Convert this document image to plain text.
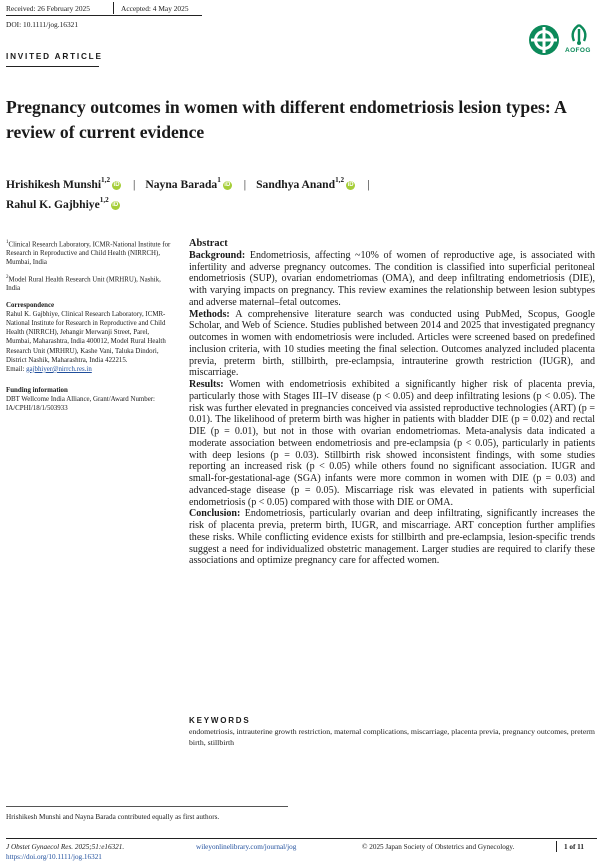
Received: 26 February 2025	Accepted: 4 May 2025
DOI: 10.1111/jog.16321
INVITED ARTICLE
AOFOG
Pregnancy outcomes in women with different endometriosis lesion types: A review of current evidence
Hrishikesh Munshi$^{1,2}$iD | Nayna Barada$^1$iD | Sandhya Anand$^{1,2}$iD |
Rahul K. Gajbhiye$^{1,2}$iD

$^1$Clinical Research Laboratory, ICMR-National Institute for Research in Reproductive and Child Health (NIRRCH), Mumbai, India

$^2$Model Rural Health Research Unit (MRHRU), Nashik, India

Correspondence
Rahul K. Gajbhiye, Clinical Research Laboratory, ICMR-National Institute for Research in Reproductive and Child Health (NIRRCH), Jehangir Merwanji Street, Parel, Mumbai, Maharashtra, India 400012, Model Rural Health Research Unit (MRHRU), Kashe Vani, Taluka Dindori, District Nashik, Maharashtra, India 422215.
Email: gajbhiyer@nirrch.res.in

Funding information
DBT Wellcome India Alliance, Grant/Award Number: IA/CPHI/18/1/503933

Abstract

Background: Endometriosis, affecting ~10% of women of reproductive age, is associated with infertility and adverse pregnancy outcomes. The condition is classified into superficial peritoneal endometriosis (SUP), ovarian endometriomas (OMA), and deep infiltrating endometriosis (DIE), with varying impacts on pregnancy. This review examines the relationship between lesion subtypes and adverse maternal–fetal outcomes.

Methods: A comprehensive literature search was conducted using PubMed, Scopus, Google Scholar, and Web of Science. Studies published between 2014 and 2025 that investigated pregnancy outcomes in women with endometriosis were included. Articles were screened based on predefined inclusion criteria, with 10 studies meeting the final selection. Outcomes analyzed included placenta previa, preterm birth, stillbirth, pre-eclampsia, intrauterine growth restriction (IUGR), and miscarriage.

Results: Women with endometriosis exhibited a significantly higher risk of placenta previa, particularly those with Stages III–IV disease (p < 0.05) and deep infiltrating lesions (p < 0.05). The risk was further elevated in pregnancies conceived via assisted reproductive technologies (ART) (p = 0.01). The likelihood of preterm birth was higher in patients with bladder DIE (p = 0.02) and rectal DIE (p = 0.01), but not in those with ovarian endometriomas. Meta-analysis data indicated a moderate association between endometriosis and pre-eclampsia (p < 0.05), particularly in patients with deep lesions (p = 0.03). Stillbirth risk showed inconsistent findings, with some studies reporting an increased risk (p < 0.05) while others found no significant association. IUGR and small-for-gestational-age (SGA) infants were more common in women with DIE (p = 0.03) and advanced-stage disease (p = 0.05). Miscarriage risk was elevated in patients with superficial endometriosis (p < 0.05) compared with those with DIE or OMA.

Conclusion: Endometriosis, particularly ovarian and deep infiltrating, significantly increases the risk of placenta previa, preterm birth, IUGR, and miscarriage. ART conception further amplifies these risks. While conflicting evidence exists for stillbirth and pre-eclampsia, lesion-specific trends suggest a need for individualized obstetric management. Larger studies are required to clarify these associations and optimize pregnancy care for affected women.

KEYWORDS
endometriosis, intrauterine growth restriction, maternal complications, miscarriage, placenta previa, pregnancy outcomes, preterm birth, stillbirth
Hrishikesh Munshi and Nayna Barada contributed equally as first authors.
J Obstet Gynaecol Res. 2025;51:e16321.
https://doi.org/10.1111/jog.16321
wileyonlinelibrary.com/journal/jog	© 2025 Japan Society of Obstetrics and Gynecology.	1 of 11
